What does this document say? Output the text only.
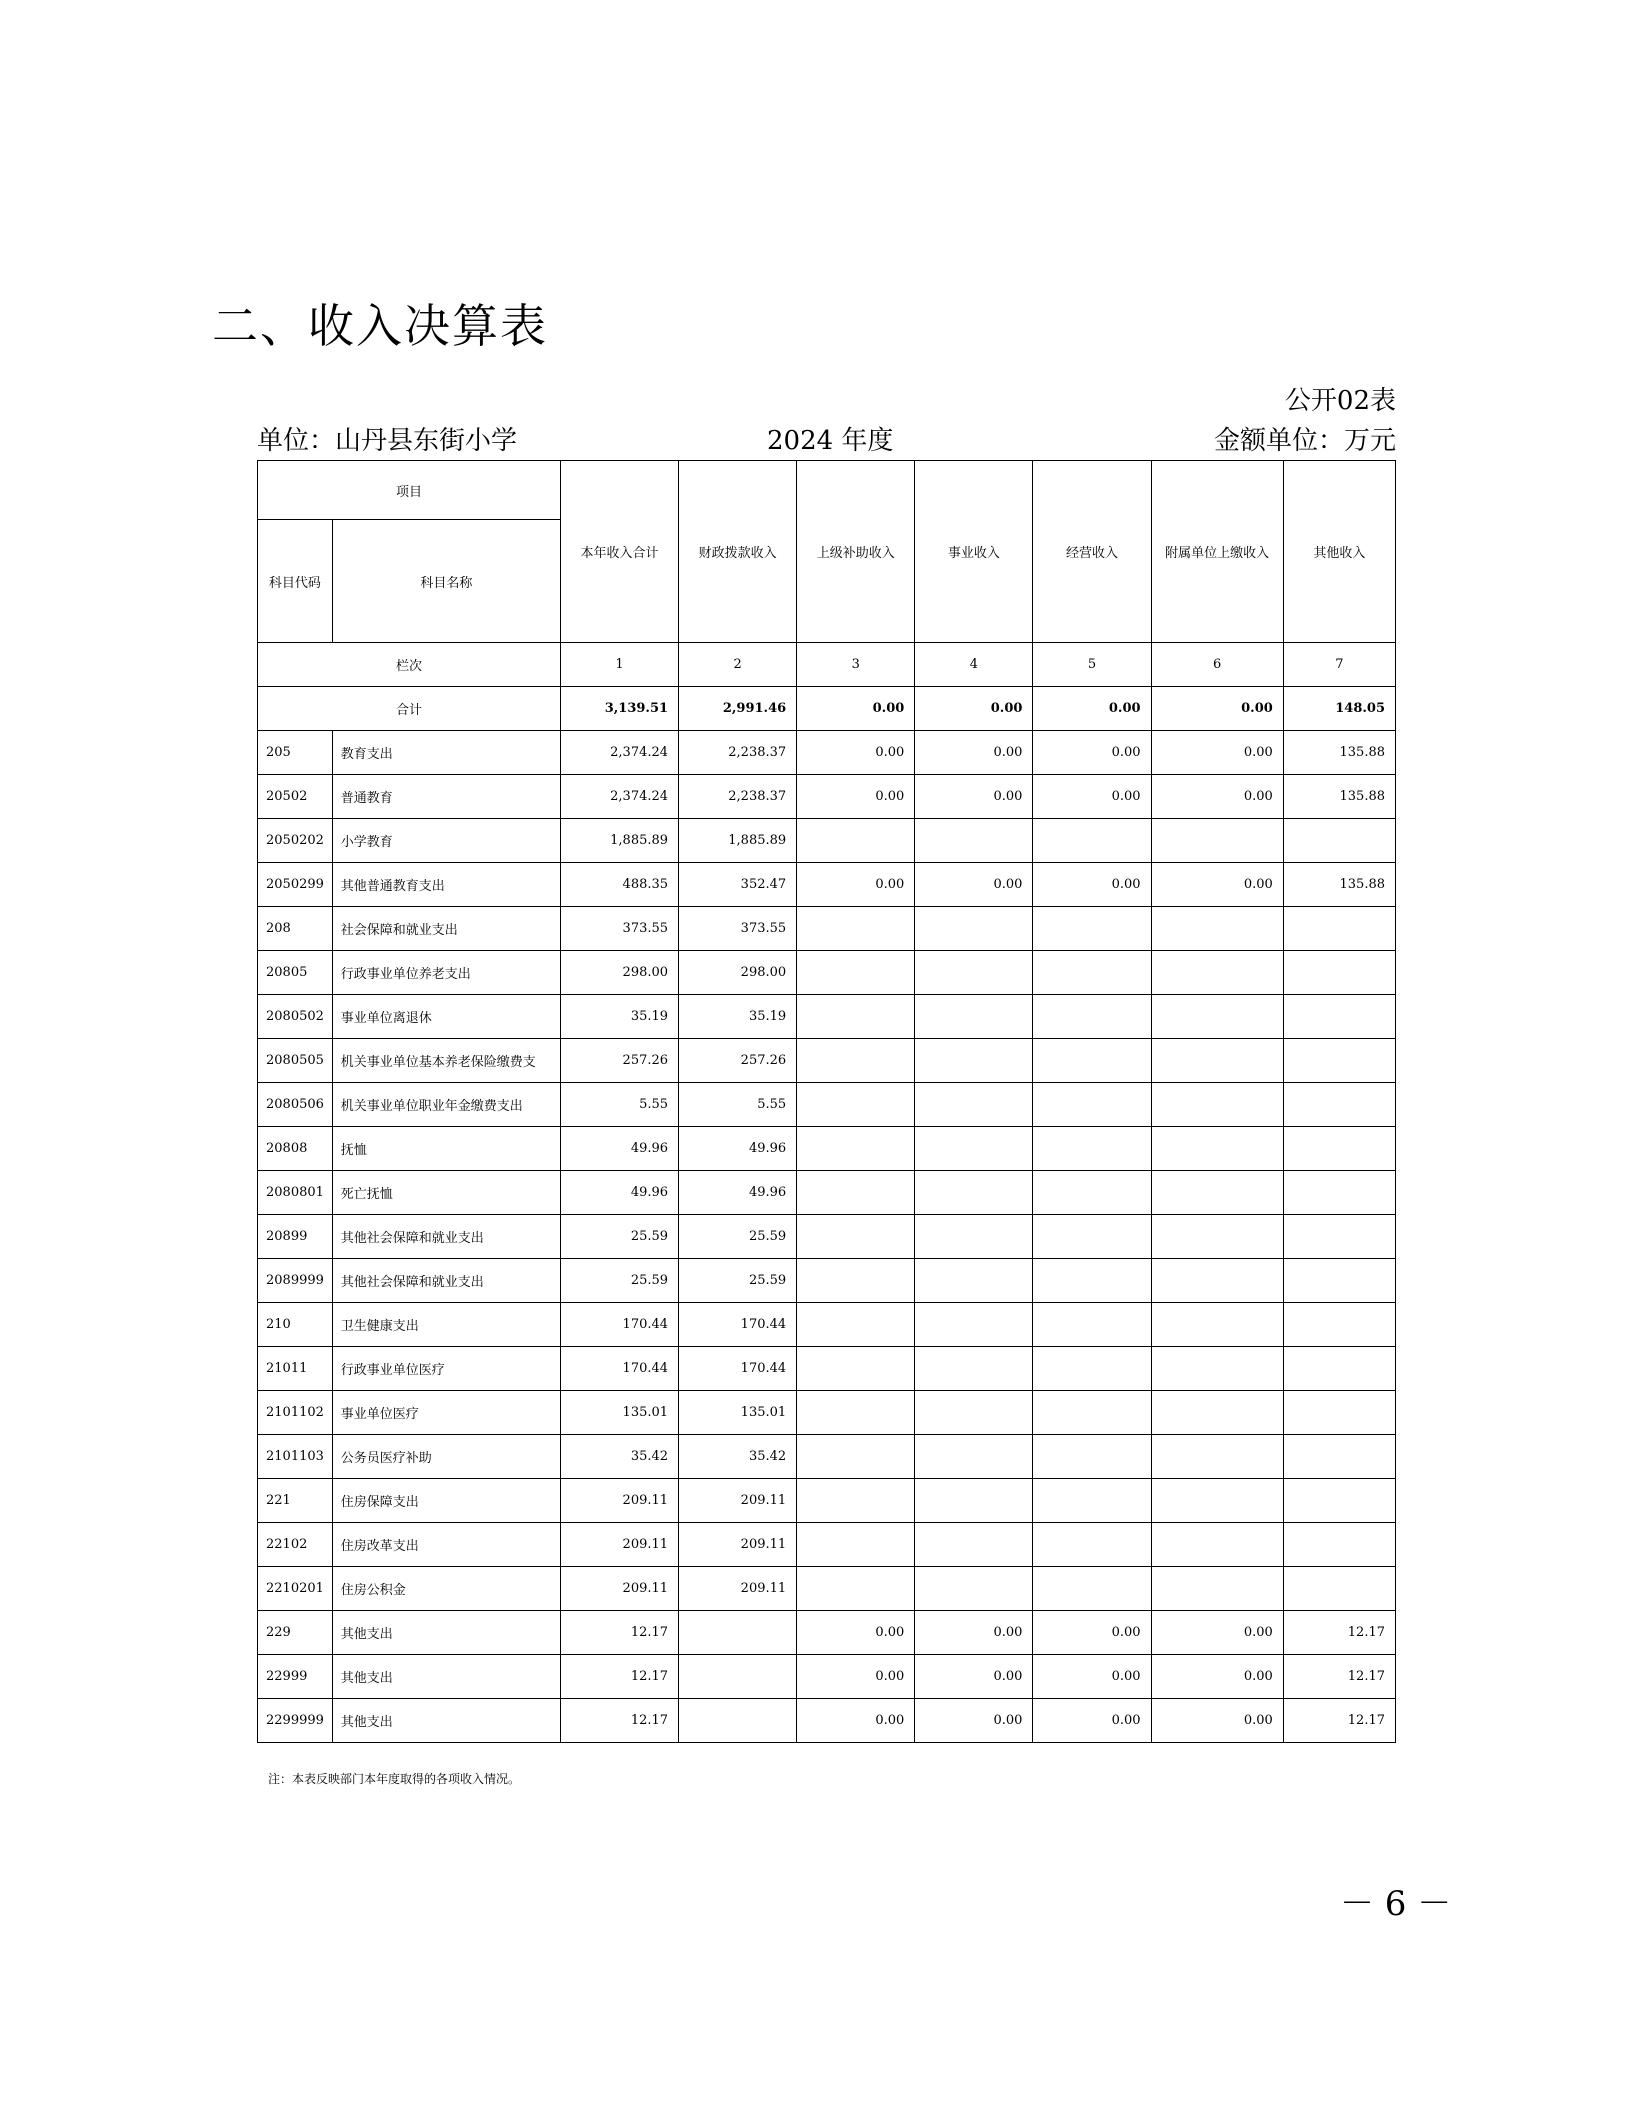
二、收入决算表
公开02表
单位：山丹县东街小学	2024 年度	金额单位：万元
项目		本年收入合计	财政拨款收入	上级补助收入	事业收入	经营收入	附属单位上缴收入	其他收入
科目代码	科目名称							
栏次		1	2	3	4	5	6	7
合计		3,139.51	2,991.46	0.00	0.00	0.00	0.00	148.05
205	教育支出	2,374.24	2,238.37	0.00	0.00	0.00	0.00	135.88
20502	普通教育	2,374.24	2,238.37	0.00	0.00	0.00	0.00	135.88
2050202	小学教育	1,885.89	1,885.89					
2050299	其他普通教育支出	488.35	352.47	0.00	0.00	0.00	0.00	135.88
208	社会保障和就业支出	373.55	373.55					
20805	行政事业单位养老支出	298.00	298.00					
2080502	事业单位离退休	35.19	35.19					
2080505	机关事业单位基本养老保险缴费支	257.26	257.26					
2080506	机关事业单位职业年金缴费支出	5.55	5.55					
20808	抚恤	49.96	49.96					
2080801	死亡抚恤	49.96	49.96					
20899	其他社会保障和就业支出	25.59	25.59					
2089999	其他社会保障和就业支出	25.59	25.59					
210	卫生健康支出	170.44	170.44					
21011	行政事业单位医疗	170.44	170.44					
2101102	事业单位医疗	135.01	135.01					
2101103	公务员医疗补助	35.42	35.42					
221	住房保障支出	209.11	209.11					
22102	住房改革支出	209.11	209.11					
2210201	住房公积金	209.11	209.11					
229	其他支出	12.17		0.00	0.00	0.00	0.00	12.17
22999	其他支出	12.17		0.00	0.00	0.00	0.00	12.17
2299999	其他支出	12.17		0.00	0.00	0.00	0.00	12.17
注：本表反映部门本年度取得的各项收入情况。
－ 6 －
